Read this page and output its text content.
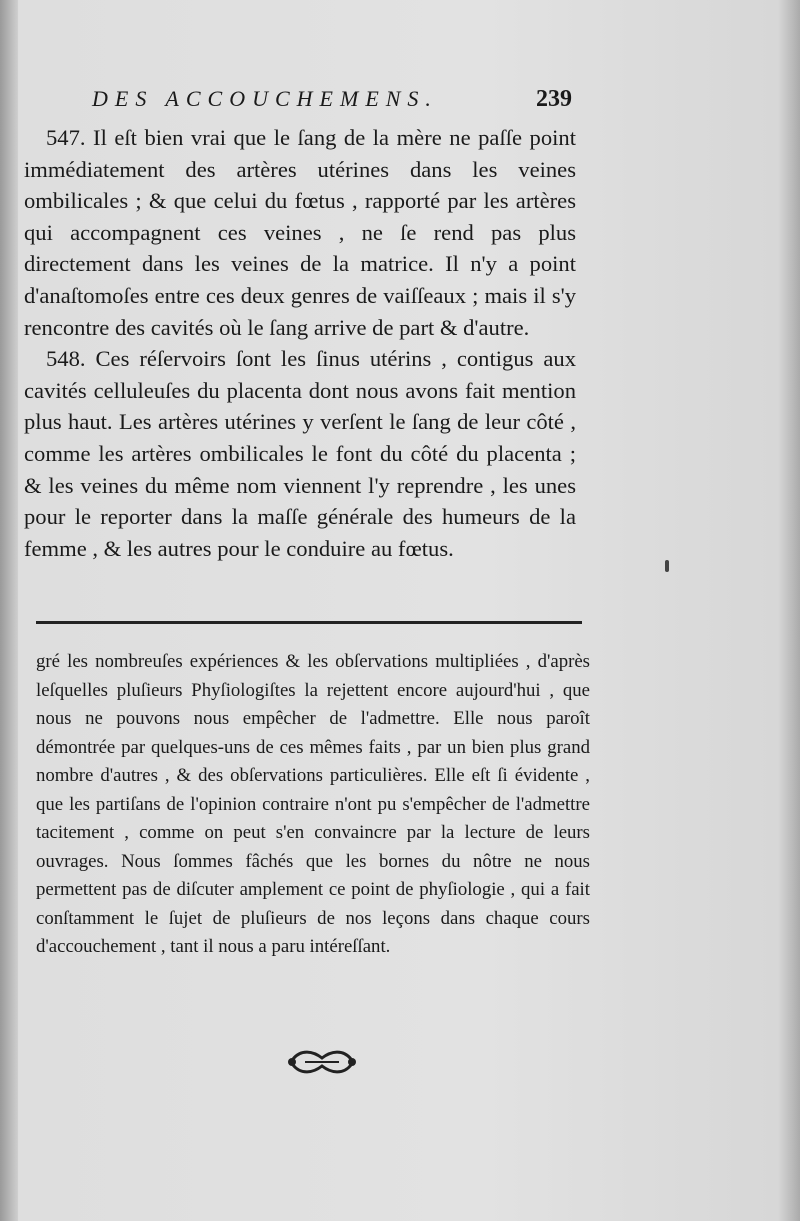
DES ACCOUCHEMENS.	239

547. Il eſt bien vrai que le ſang de la mère ne paſſe point immédiatement des artères utérines dans les veines ombilicales ; & que celui du fœtus , rapporté par les artères qui accompagnent ces veines , ne ſe rend pas plus directement dans les veines de la matrice. Il n'y a point d'anaſtomoſes entre ces deux genres de vaiſſeaux ; mais il s'y rencontre des cavités où le ſang arrive de part & d'autre.

548. Ces réſervoirs ſont les ſinus utérins , contigus aux cavités celluleuſes du placenta dont nous avons fait mention plus haut. Les artères utérines y verſent le ſang de leur côté , comme les artères ombilicales le font du côté du placenta ; & les veines du même nom viennent l'y reprendre , les unes pour le reporter dans la maſſe générale des humeurs de la femme , & les autres pour le conduire au fœtus.

gré les nombreuſes expériences & les obſervations multipliées , d'après leſquelles pluſieurs Phyſiologiſtes la rejettent encore aujourd'hui , que nous ne pouvons nous empêcher de l'admettre. Elle nous paroît démontrée par quelques-uns de ces mêmes faits , par un bien plus grand nombre d'autres , & des obſervations particulières. Elle eſt ſi évidente , que les partiſans de l'opinion contraire n'ont pu s'empêcher de l'admettre tacitement , comme on peut s'en convaincre par la lecture de leurs ouvrages. Nous ſommes fâchés que les bornes du nôtre ne nous permettent pas de diſcuter amplement ce point de phyſiologie , qui a fait conſtamment le ſujet de pluſieurs de nos leçons dans chaque cours d'accouchement , tant il nous a paru intéreſſant.
